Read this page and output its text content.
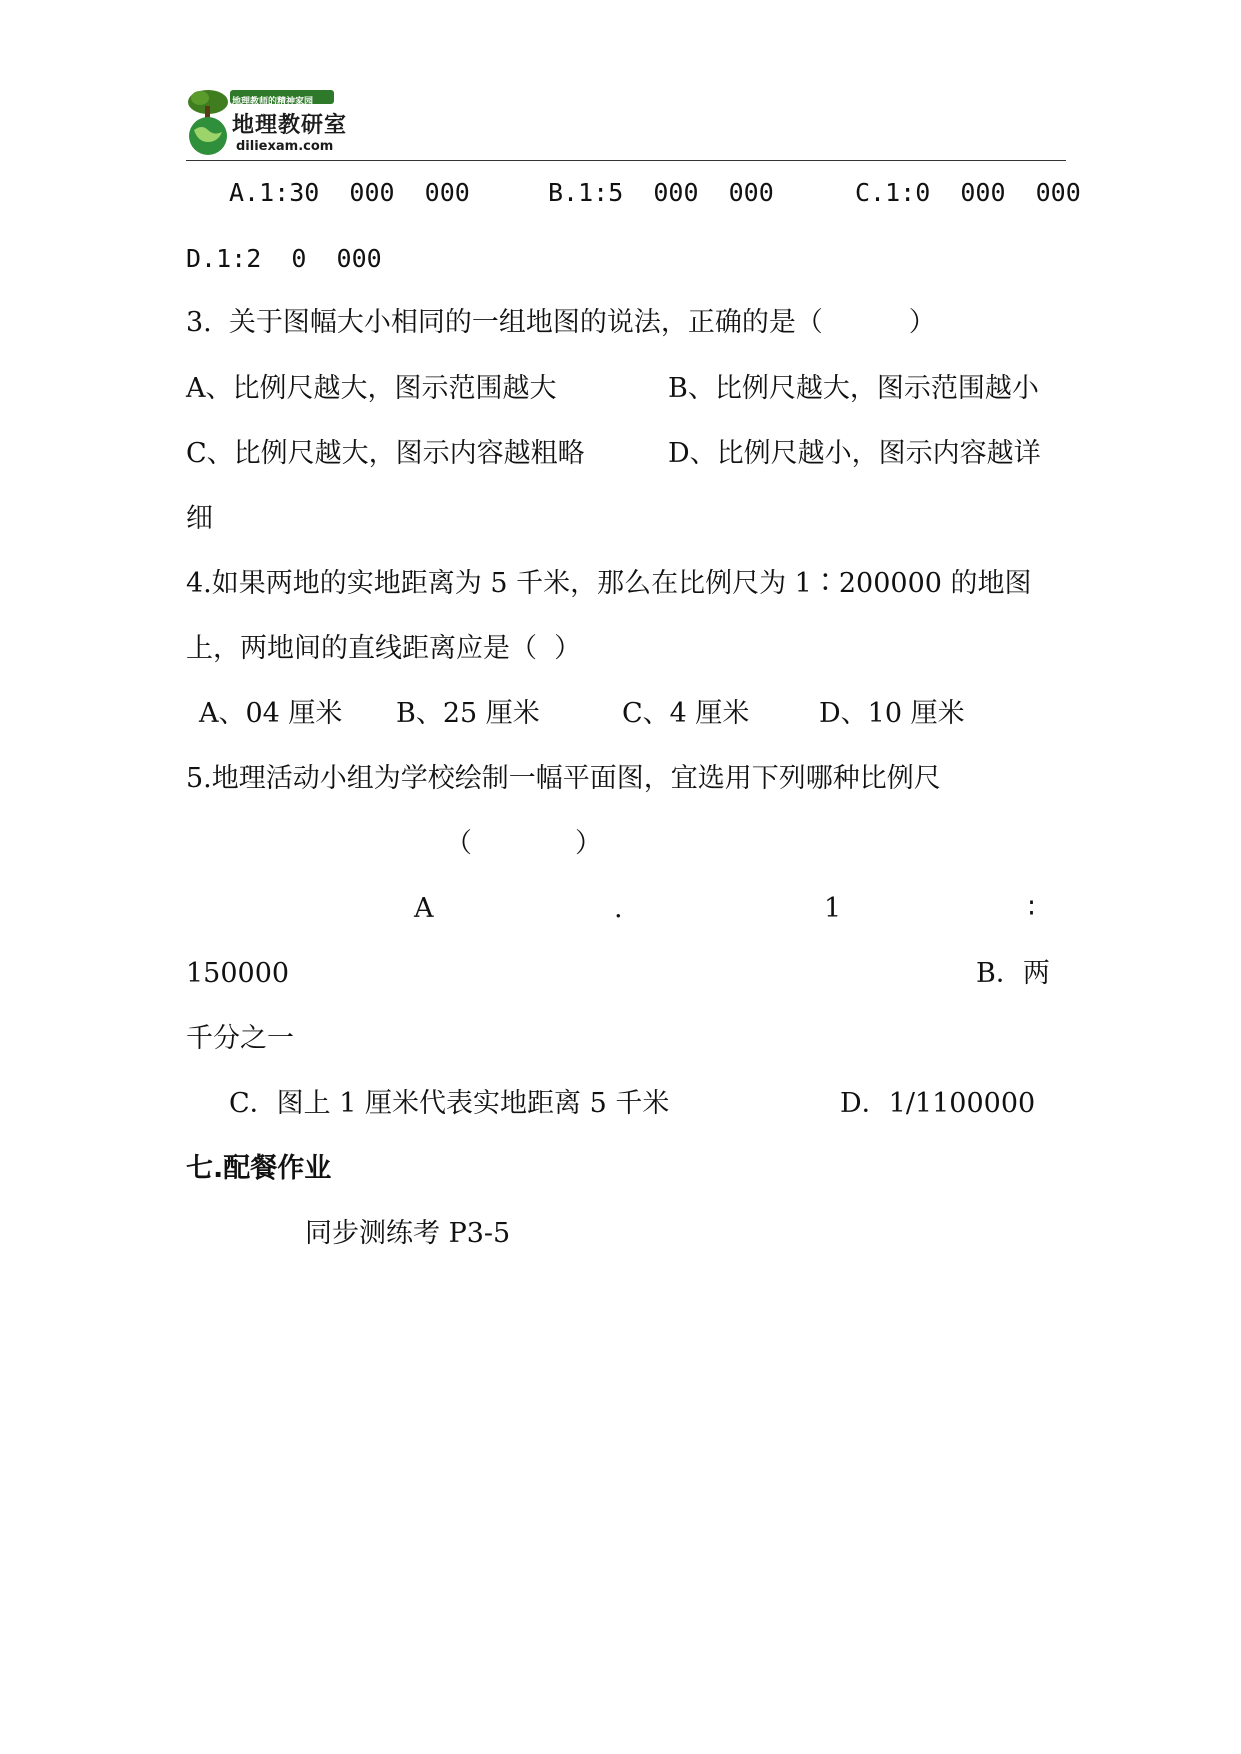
地理教师的精神家园
地理教研室
diliexam.com
A.1:30  000  000	B.1:5  000  000	C.1:0  000  000
D.1:2  0  000
3.  关于图幅大小相同的一组地图的说法，正确的是（          ）
A、比例尺越大，图示范围越大	B、比例尺越大，图示范围越小
C、比例尺越大，图示内容越粗略	D、比例尺越小，图示内容越详
细
4.如果两地的实地距离为 5 千米，那么在比例尺为 1∶200000 的地图
上，两地间的直线距离应是（  ）
A、04 厘米 B、25 厘米	C、4 厘米	D、10 厘米
5.地理活动小组为学校绘制一幅平面图，宜选用下列哪种比例尺
（            ）
A	.	1	∶
150000	B．两
千分之一
C．图上 1 厘米代表实地距离 5 千米	D．1/1100000
七.配餐作业
同步测练考 P3-5
